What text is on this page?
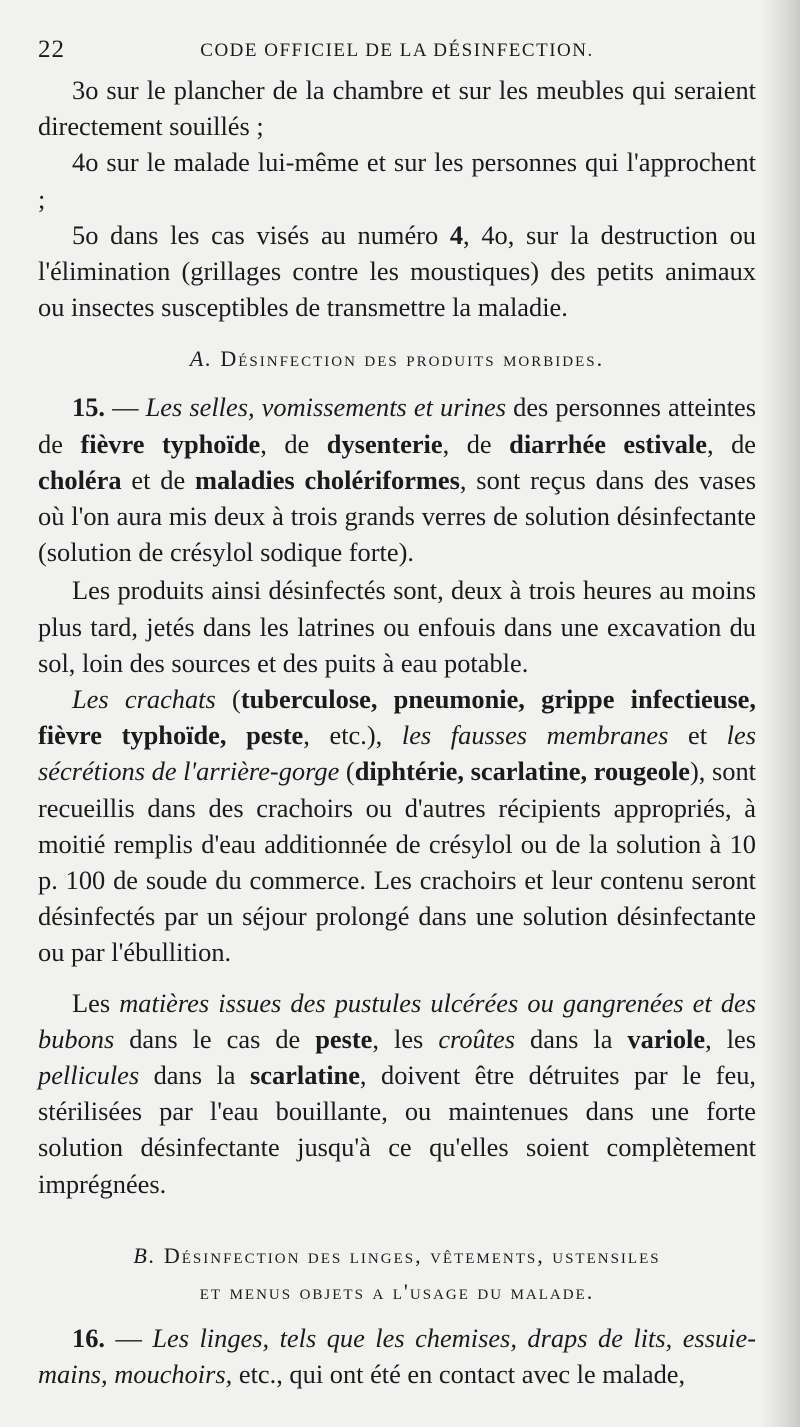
22	CODE OFFICIEL DE LA DÉSINFECTION.

3o sur le plancher de la chambre et sur les meubles qui seraient directement souillés ;

4o sur le malade lui-même et sur les personnes qui l'approchent ;

5o dans les cas visés au numéro 4, 4o, sur la destruction ou l'élimination (grillages contre les moustiques) des petits animaux ou insectes susceptibles de transmettre la maladie.

A. Désinfection des produits morbides.

15. — Les selles, vomissements et urines des personnes atteintes de fièvre typhoïde, de dysenterie, de diarrhée estivale, de choléra et de maladies cholériformes, sont reçus dans des vases où l'on aura mis deux à trois grands verres de solution désinfectante (solution de crésylol sodique forte).

Les produits ainsi désinfectés sont, deux à trois heures au moins plus tard, jetés dans les latrines ou enfouis dans une excavation du sol, loin des sources et des puits à eau potable.

Les crachats (tuberculose, pneumonie, grippe infectieuse, fièvre typhoïde, peste, etc.), les fausses membranes et les sécrétions de l'arrière-gorge (diphtérie, scarlatine, rougeole), sont recueillis dans des crachoirs ou d'autres récipients appropriés, à moitié remplis d'eau additionnée de crésylol ou de la solution à 10 p. 100 de soude du commerce. Les crachoirs et leur contenu seront désinfectés par un séjour prolongé dans une solution désinfectante ou par l'ébullition.

Les matières issues des pustules ulcérées ou gangrenées et des bubons dans le cas de peste, les croûtes dans la variole, les pellicules dans la scarlatine, doivent être détruites par le feu, stérilisées par l'eau bouillante, ou maintenues dans une forte solution désinfectante jusqu'à ce qu'elles soient complètement imprégnées.

B. Désinfection des linges, vêtements, ustensiles
et menus objets a l'usage du malade.

16. — Les linges, tels que les chemises, draps de lits, essuie-mains, mouchoirs, etc., qui ont été en contact avec le malade,
